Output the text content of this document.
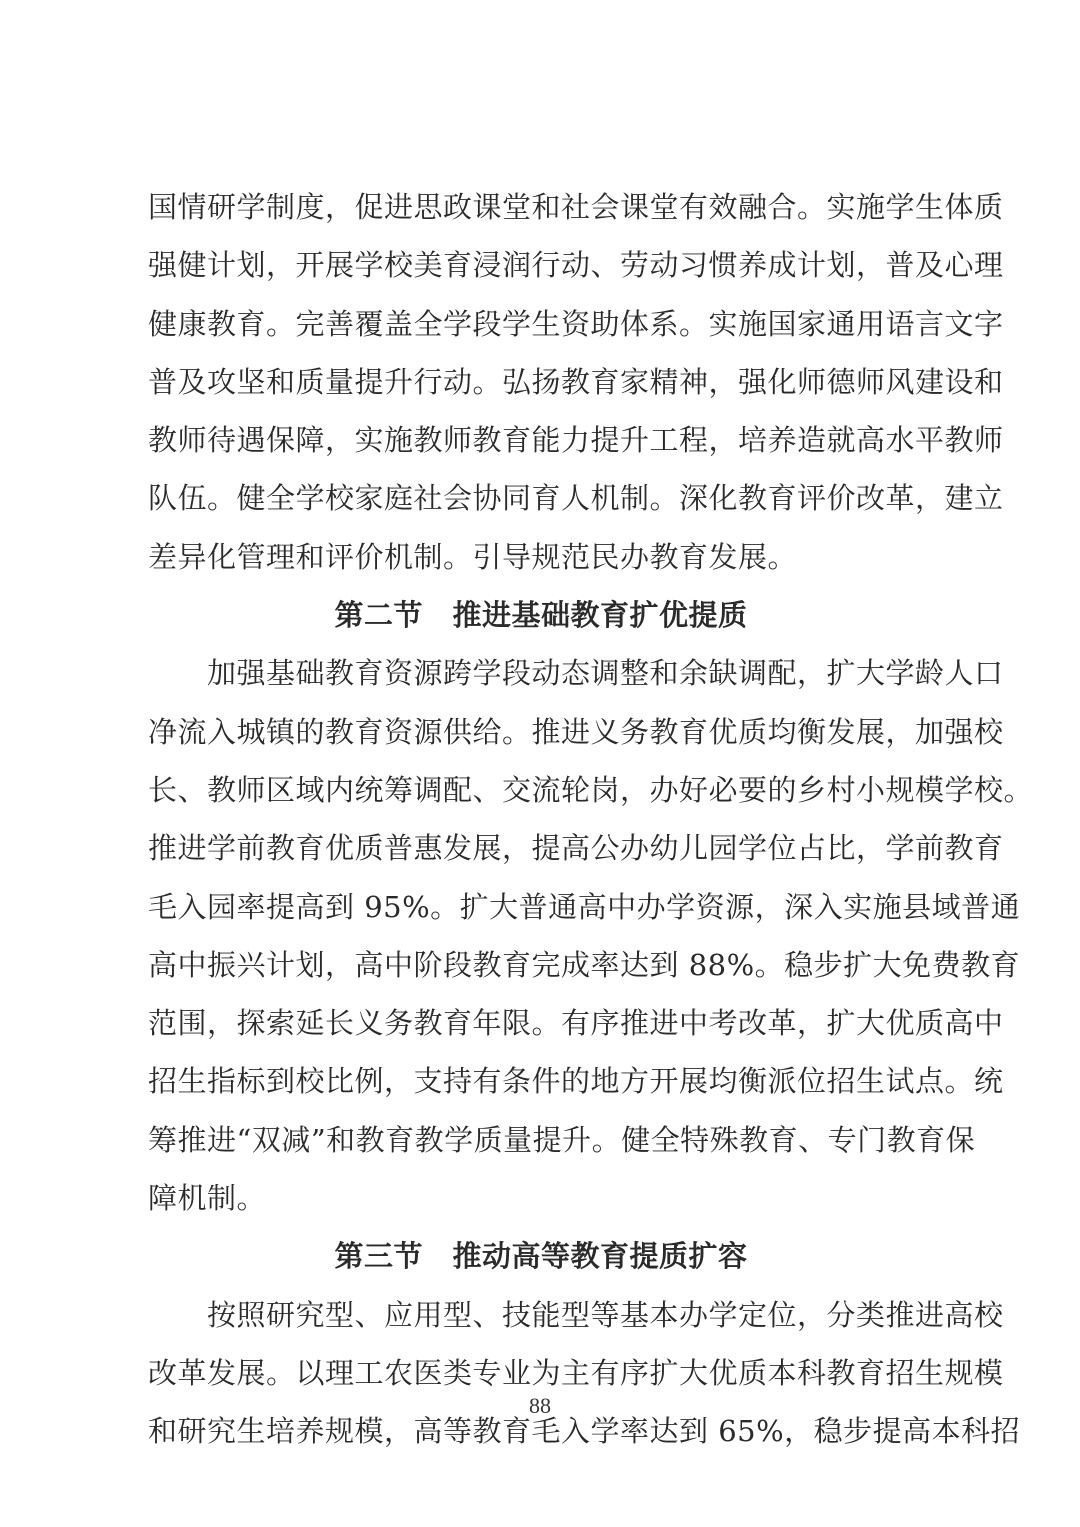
国情研学制度，促进思政课堂和社会课堂有效融合。实施学生体质
强健计划，开展学校美育浸润行动、劳动习惯养成计划，普及心理
健康教育。完善覆盖全学段学生资助体系。实施国家通用语言文字
普及攻坚和质量提升行动。弘扬教育家精神，强化师德师风建设和
教师待遇保障，实施教师教育能力提升工程，培养造就高水平教师
队伍。健全学校家庭社会协同育人机制。深化教育评价改革，建立
差异化管理和评价机制。引导规范民办教育发展。
第二节　推进基础教育扩优提质
　　加强基础教育资源跨学段动态调整和余缺调配，扩大学龄人口
净流入城镇的教育资源供给。推进义务教育优质均衡发展，加强校
长、教师区域内统筹调配、交流轮岗，办好必要的乡村小规模学校。
推进学前教育优质普惠发展，提高公办幼儿园学位占比，学前教育
毛入园率提高到 95%。扩大普通高中办学资源，深入实施县域普通
高中振兴计划，高中阶段教育完成率达到 88%。稳步扩大免费教育
范围，探索延长义务教育年限。有序推进中考改革，扩大优质高中
招生指标到校比例，支持有条件的地方开展均衡派位招生试点。统
筹推进“双减”和教育教学质量提升。健全特殊教育、专门教育保
障机制。
第三节　推动高等教育提质扩容
　　按照研究型、应用型、技能型等基本办学定位，分类推进高校
改革发展。以理工农医类专业为主有序扩大优质本科教育招生规模
和研究生培养规模，高等教育毛入学率达到 65%，稳步提高本科招
88
